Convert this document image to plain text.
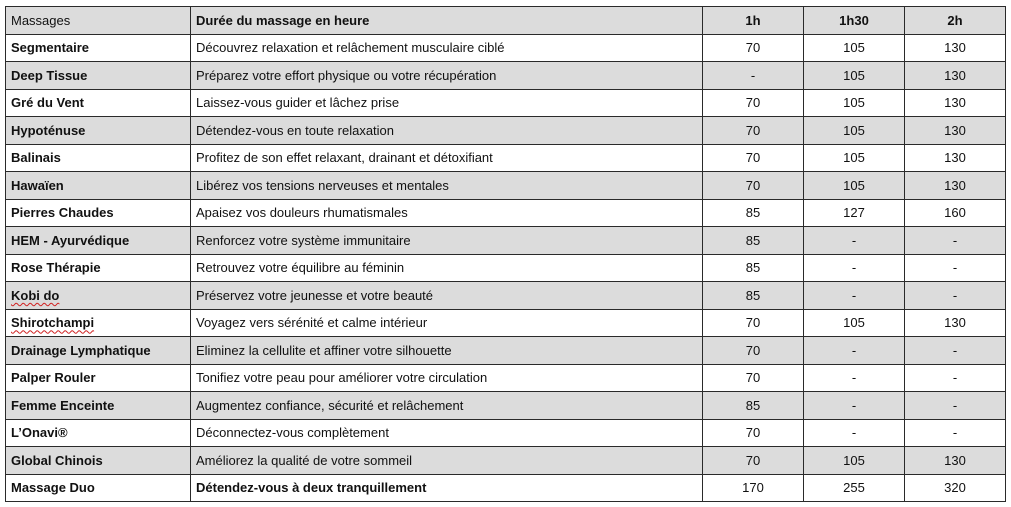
Massages	Durée du massage en heure	1h	1h30	2h
Segmentaire	Découvrez relaxation et relâchement musculaire ciblé	70	105	130
Deep Tissue	Préparez votre effort physique ou votre récupération	-	105	130
Gré du Vent	Laissez-vous guider et lâchez prise	70	105	130
Hypoténuse	Détendez-vous en toute relaxation	70	105	130
Balinais	Profitez de son effet relaxant, drainant et détoxifiant	70	105	130
Hawaïen	Libérez vos tensions nerveuses et mentales	70	105	130
Pierres Chaudes	Apaisez vos douleurs rhumatismales	85	127	160
HEM - Ayurvédique	Renforcez votre système immunitaire	85	-	-
Rose Thérapie	Retrouvez votre équilibre au féminin	85	-	-
Kobi do	Préservez votre jeunesse et votre beauté	85	-	-
Shirotchampi	Voyagez vers sérénité et calme intérieur	70	105	130
Drainage Lymphatique	Eliminez la cellulite et affiner votre silhouette	70	-	-
Palper Rouler	Tonifiez votre peau pour améliorer votre circulation	70	-	-
Femme Enceinte	Augmentez confiance, sécurité et relâchement	85	-	-
L’Onavi®	Déconnectez-vous complètement	70	-	-
Global Chinois	Améliorez la qualité de votre sommeil	70	105	130
Massage Duo	Détendez-vous à deux tranquillement	170	255	320
